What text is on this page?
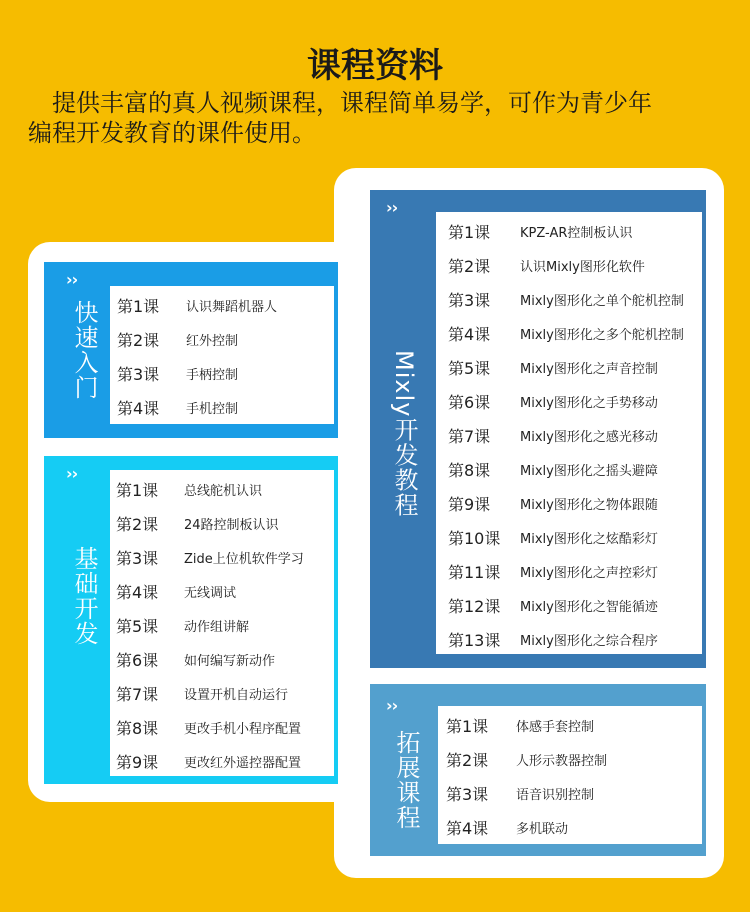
课程资料
提供丰富的真人视频课程，课程简单易学，可作为青少年
编程开发教育的课件使用。
››
快速入门 第1课 认识舞蹈机器人
第2课 红外控制
第3课 手柄控制
第4课 手机控制
››
基础开发
第1课 总线舵机认识
第2课 24路控制板认识
第3课 Zide上位机软件学习
第4课 无线调试
第5课 动作组讲解
第6课 如何编写新动作
第7课 设置开机自动运行
第8课 更改手机小程序配置
第9课 更改红外遥控器配置
››
Mixly开发教程
第1课 KPZ-AR控制板认识
第2课 认识Mixly图形化软件
第3课 Mixly图形化之单个舵机控制
第4课 Mixly图形化之多个舵机控制
第5课 Mixly图形化之声音控制
第6课 Mixly图形化之手势移动
第7课 Mixly图形化之感光移动
第8课 Mixly图形化之摇头避障
第9课 Mixly图形化之物体跟随
第10课 Mixly图形化之炫酷彩灯
第11课 Mixly图形化之声控彩灯
第12课 Mixly图形化之智能循迹
第13课 Mixly图形化之综合程序
››
拓展课程
第1课 体感手套控制
第2课 人形示教器控制
第3课 语音识别控制
第4课 多机联动
